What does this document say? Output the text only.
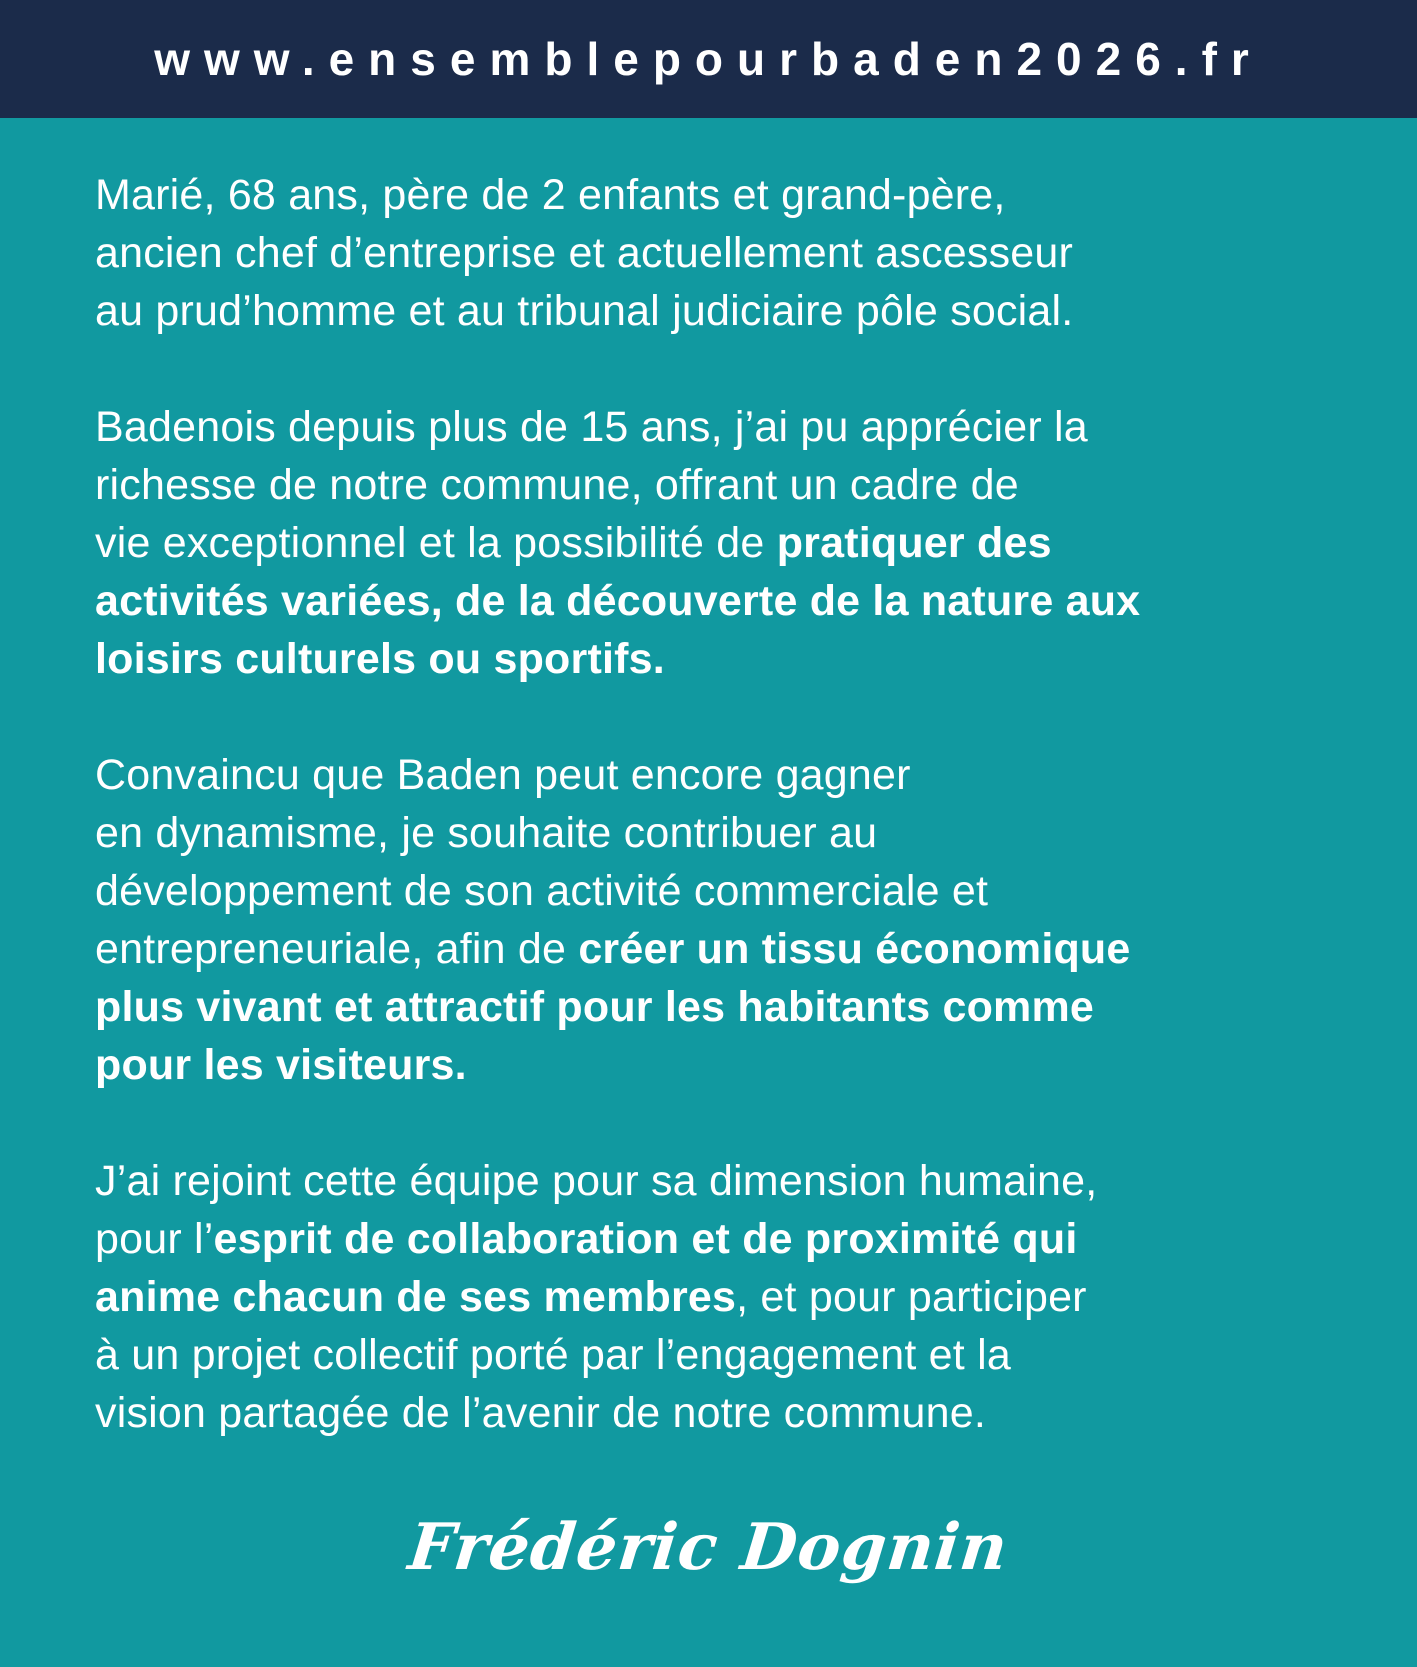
www.ensemblepourbaden2026.fr

Marié, 68 ans, père de 2 enfants et grand-père,
ancien chef d’entreprise et actuellement ascesseur
au prud’homme et au tribunal judiciaire pôle social.

Badenois depuis plus de 15 ans, j’ai pu apprécier la
richesse de notre commune, offrant un cadre de
vie exceptionnel et la possibilité de pratiquer des
activités variées, de la découverte de la nature aux
loisirs culturels ou sportifs.

Convaincu que Baden peut encore gagner
en dynamisme, je souhaite contribuer au
développement de son activité commerciale et
entrepreneuriale, afin de créer un tissu économique
plus vivant et attractif pour les habitants comme
pour les visiteurs.

J’ai rejoint cette équipe pour sa dimension humaine,
pour l’esprit de collaboration et de proximité qui
anime chacun de ses membres, et pour participer
à un projet collectif porté par l’engagement et la
vision partagée de l’avenir de notre commune.

Frédéric Dognin
